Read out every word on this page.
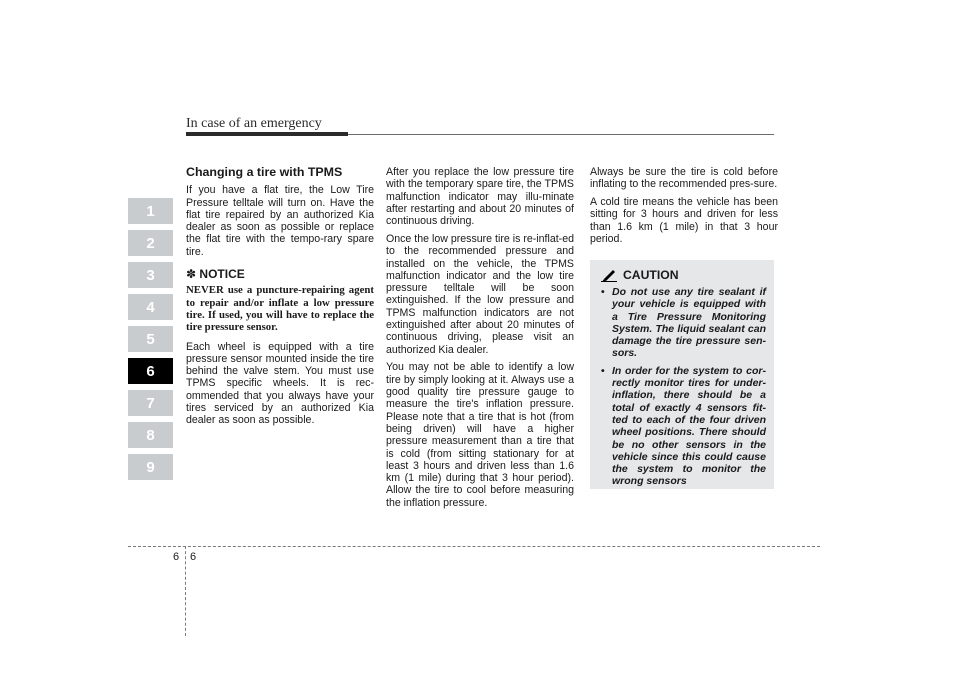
In case of an emergency
1
2
3
4
5
6
7
8
9
Changing a tire with TPMS

If you have a flat tire, the Low Tire Pressure telltale will turn on. Have the flat tire repaired by an authorized Kia dealer as soon as possible or replace the flat tire with the tempo-rary spare tire.

✽ NOTICE
NEVER use a puncture-repairing agent to repair and/or inflate a low pressure tire. If used, you will have to replace the tire pressure sensor.

Each wheel is equipped with a tire pressure sensor mounted inside the tire behind the valve stem. You must use TPMS specific wheels. It is rec-ommended that you always have your tires serviced by an authorized Kia dealer as soon as possible.

After you replace the low pressure tire with the temporary spare tire, the TPMS malfunction indicator may illu-minate after restarting and about 20 minutes of continuous driving.

Once the low pressure tire is re-inflat-ed to the recommended pressure and installed on the vehicle, the TPMS malfunction indicator and the low tire pressure telltale will be soon extinguished. If the low pressure and TPMS malfunction indicators are not extinguished after about 20 minutes of continuous driving, please visit an authorized Kia dealer.

You may not be able to identify a low tire by simply looking at it. Always use a good quality tire pressure gauge to measure the tire's inflation pressure. Please note that a tire that is hot (from being driven) will have a higher pressure measurement than a tire that is cold (from sitting stationary for at least 3 hours and driven less than 1.6 km (1 mile) during that 3 hour period). Allow the tire to cool before measuring the inflation pressure.

Always be sure the tire is cold before inflating to the recommended pres-sure.

A cold tire means the vehicle has been sitting for 3 hours and driven for less than 1.6 km (1 mile) in that 3 hour period.

CAUTION
• Do not use any tire sealant if your vehicle is equipped with a Tire Pressure Monitoring System. The liquid sealant can damage the tire pressure sen-sors.
• In order for the system to cor-rectly monitor tires for under-inflation, there should be a total of exactly 4 sensors fit-ted to each of the four driven wheel positions. There should be no other sensors in the vehicle since this could cause the system to monitor the wrong sensors
6 6
